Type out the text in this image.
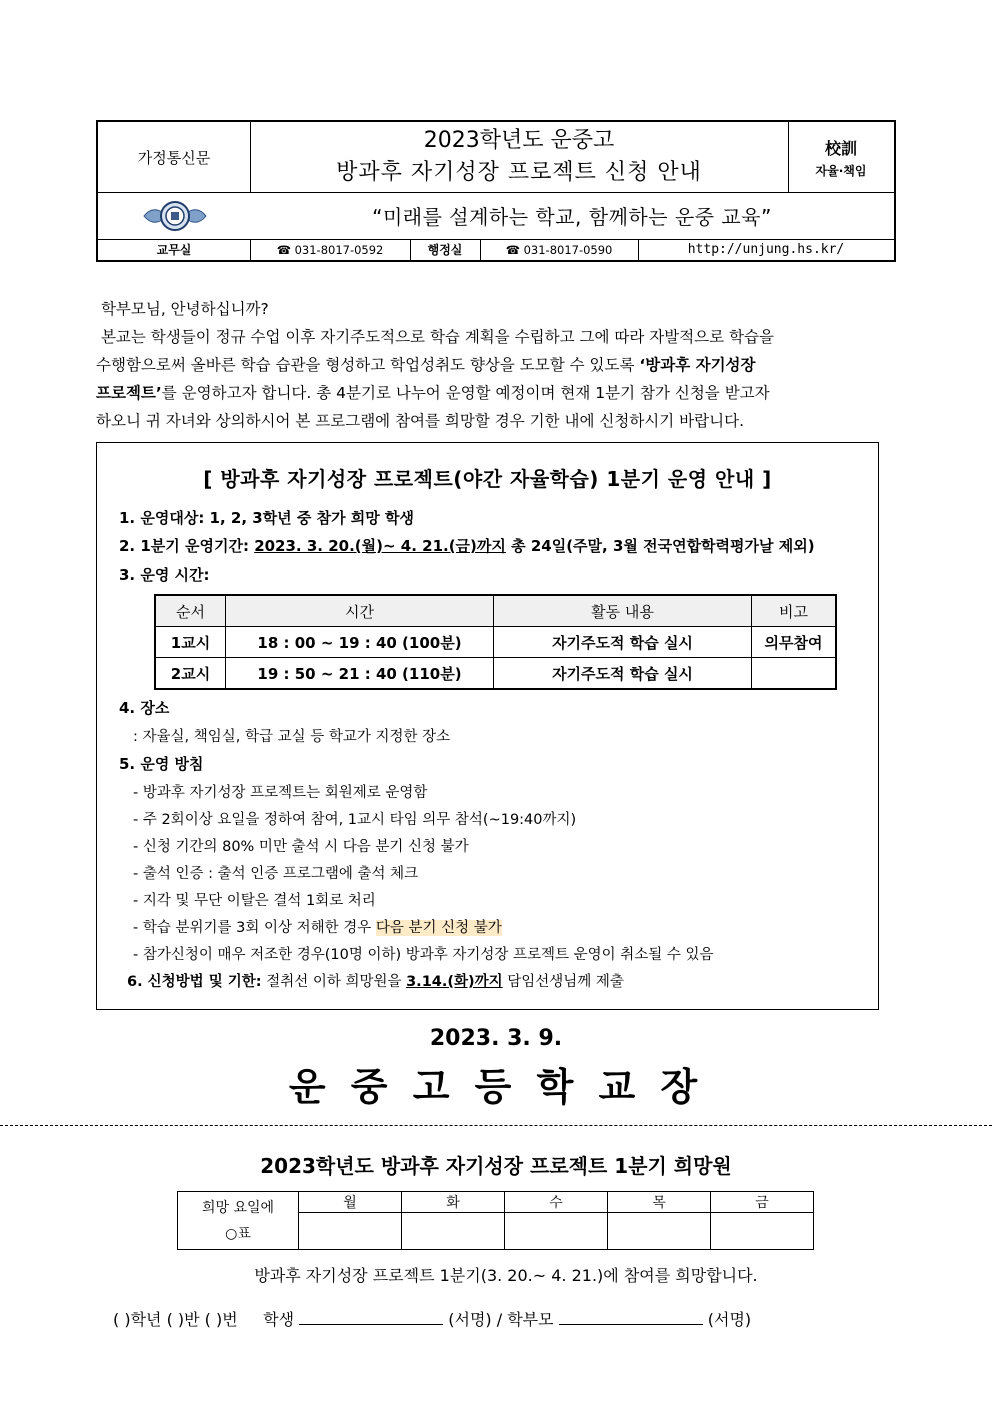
가정통신문
2023학년도 운중고
방과후 자기성장 프로젝트 신청 안내
校訓
자율·책임
“미래를 설계하는 학교, 함께하는 운중 교육”
교무실	☎ 031-8017-0592	행정실	☎ 031-8017-0590	http://unjung.hs.kr/
학부모님, 안녕하십니까?
본교는 학생들이 정규 수업 이후 자기주도적으로 학습 계획을 수립하고 그에 따라 자발적으로 학습을
수행함으로써 올바른 학습 습관을 형성하고 학업성취도 향상을 도모할 수 있도록 ‘방과후 자기성장
프로젝트’를 운영하고자 합니다. 총 4분기로 나누어 운영할 예정이며 현재 1분기 참가 신청을 받고자
하오니 귀 자녀와 상의하시어 본 프로그램에 참여를 희망할 경우 기한 내에 신청하시기 바랍니다.
[ 방과후 자기성장 프로젝트(야간 자율학습) 1분기 운영 안내 ]
1. 운영대상: 1, 2, 3학년 중 참가 희망 학생
2. 1분기 운영기간: 2023. 3. 20.(월)~ 4. 21.(금)까지 총 24일(주말, 3월 전국연합학력평가날 제외)
3. 운영 시간:
4. 장소
: 자율실, 책임실, 학급 교실 등 학교가 지정한 장소
5. 운영 방침
- 방과후 자기성장 프로젝트는 회원제로 운영함
- 주 2회이상 요일을 정하여 참여, 1교시 타임 의무 참석(~19:40까지)
- 신청 기간의 80% 미만 출석 시 다음 분기 신청 불가
- 출석 인증 : 출석 인증 프로그램에 출석 체크
- 지각 및 무단 이탈은 결석 1회로 처리
- 학습 분위기를 3회 이상 저해한 경우 다음 분기 신청 불가
- 참가신청이 매우 저조한 경우(10명 이하) 방과후 자기성장 프로젝트 운영이 취소될 수 있음
6. 신청방법 및 기한: 절취선 이하 희망원을 3.14.(화)까지 담임선생님께 제출
순서	시간	활동 내용	비고
1교시	18 : 00 ~ 19 : 40 (100분)	자기주도적 학습 실시	의무참여
2교시	19 : 50 ~ 21 : 40 (110분)	자기주도적 학습 실시	
2023. 3. 9.
운 중 고 등 학 교 장
2023학년도 방과후 자기성장 프로젝트 1분기 희망원
희망 요일에
○표	월	화	수	목	금

방과후 자기성장 프로젝트 1분기(3. 20.~ 4. 21.)에 참여를 희망합니다.
( )학년 ( )반 ( )번 학생	(서명) / 학부모	(서명)
